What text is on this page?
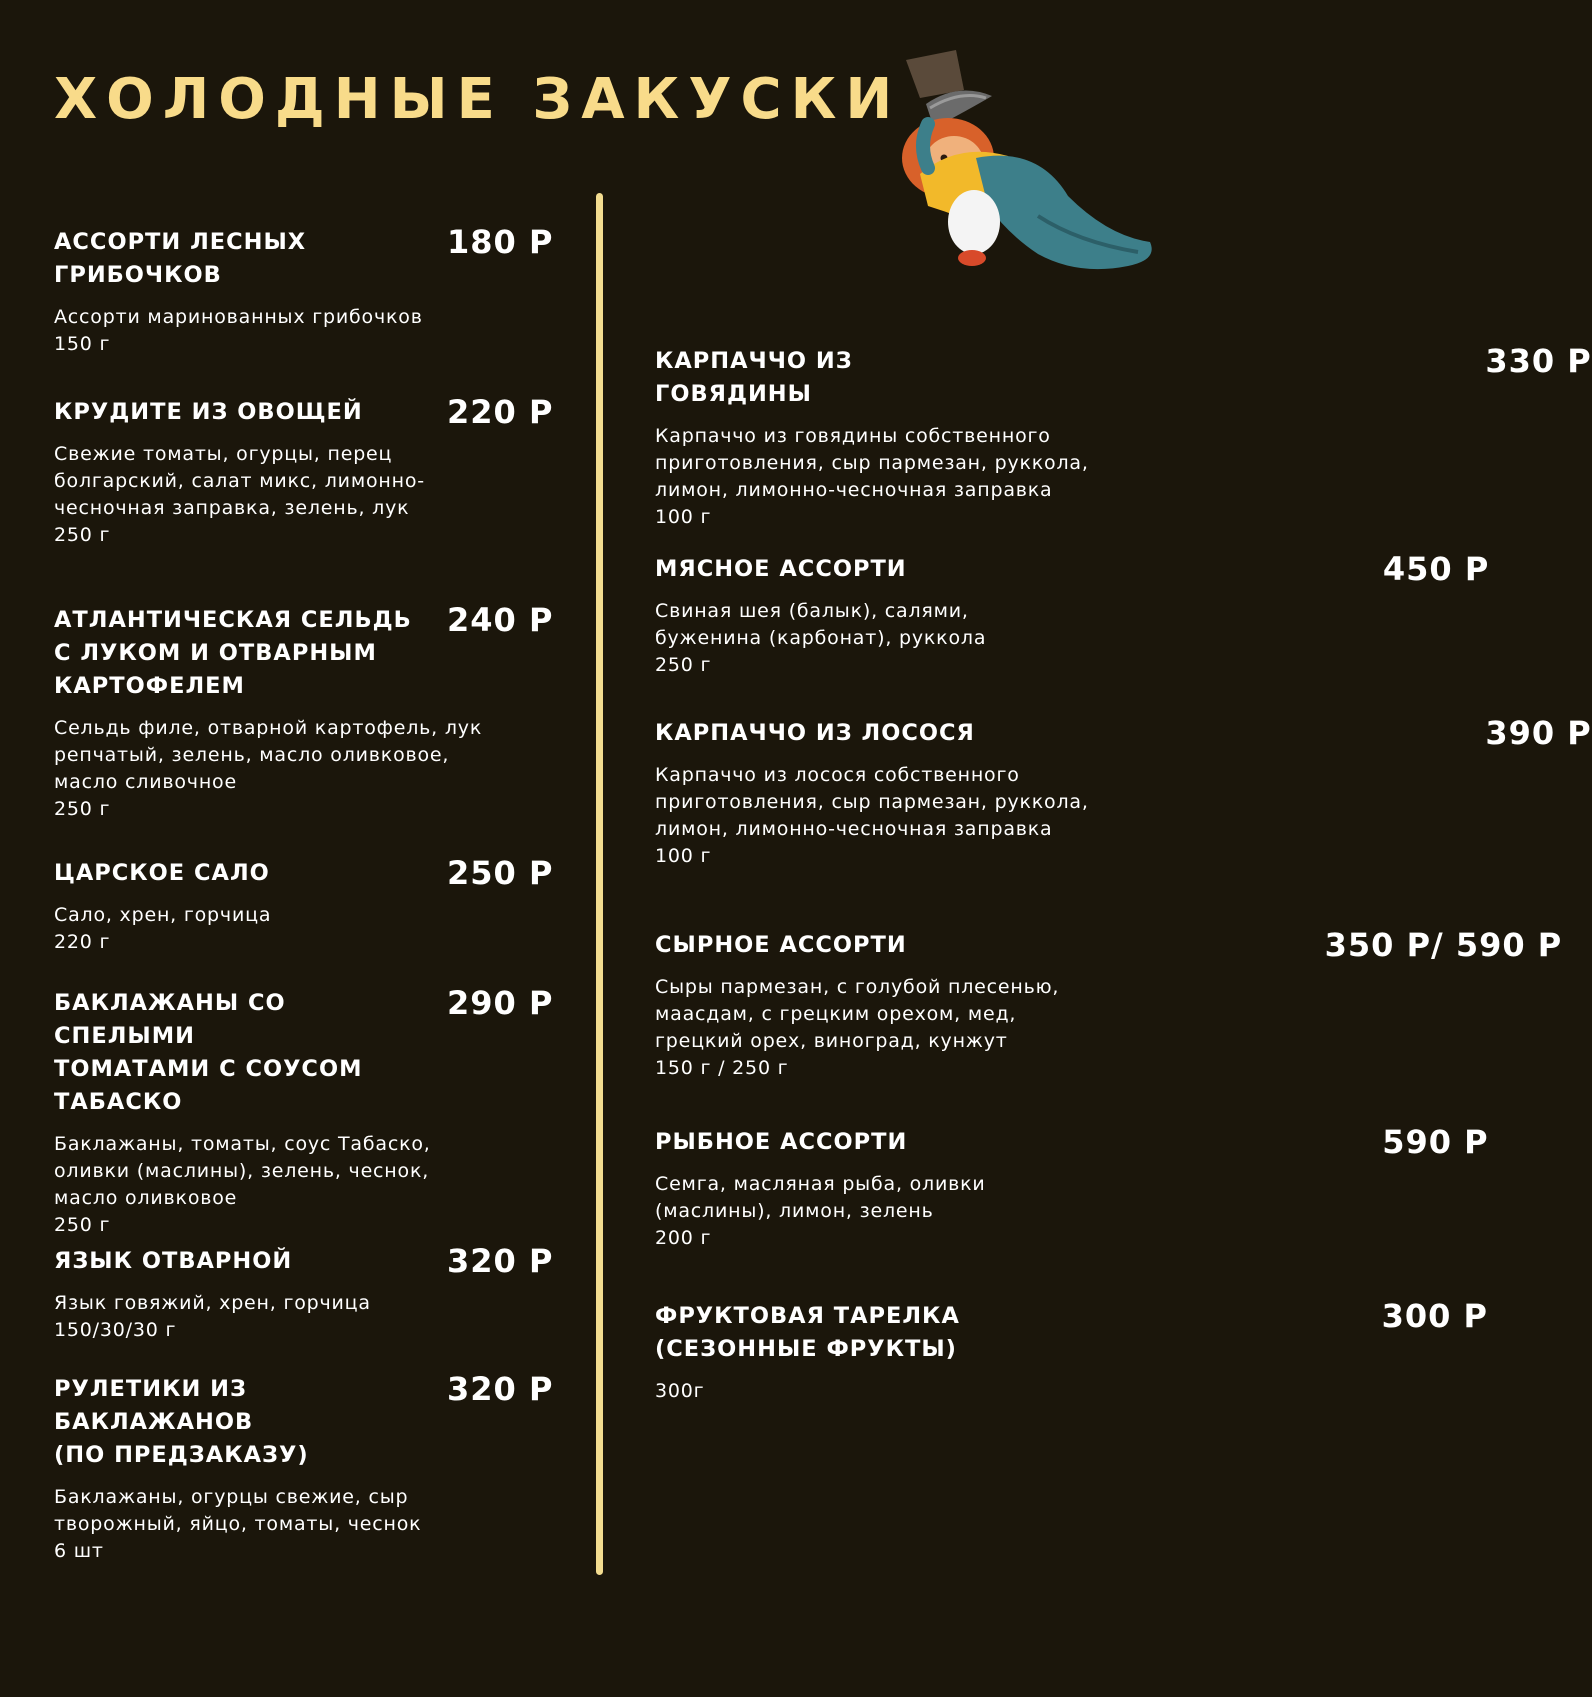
ХОЛОДНЫЕ ЗАКУСКИ
АССОРТИ ЛЕСНЫХ
ГРИБОЧКОВ
180 Р
Ассорти маринованных грибочков
150 г
КРУДИТЕ ИЗ ОВОЩЕЙ	220 Р
Свежие томаты, огурцы, перец
болгарский, салат микс, лимонно-
чесночная заправка, зелень, лук
250 г
АТЛАНТИЧЕСКАЯ СЕЛЬДЬ
С ЛУКОМ И ОТВАРНЫМ
КАРТОФЕЛЕМ
240 Р
Сельдь филе, отварной картофель, лук
репчатый, зелень, масло оливковое,
масло сливочное
250 г
ЦАРСКОЕ САЛО	250 Р
Сало, хрен, горчица
220 г
БАКЛАЖАНЫ СО СПЕЛЫМИ
ТОМАТАМИ С СОУСОМ
ТАБАСКО
290 Р
Баклажаны, томаты, соус Табаско,
оливки (маслины), зелень, чеснок,
масло оливковое
250 г
ЯЗЫК ОТВАРНОЙ	320 Р
Язык говяжий, хрен, горчица
150/30/30 г
РУЛЕТИКИ ИЗ
БАКЛАЖАНОВ
(ПО ПРЕДЗАКАЗУ)
320 Р
Баклажаны, огурцы свежие, сыр
творожный, яйцо, томаты, чеснок
6 шт
КАРПАЧЧО ИЗ ГОВЯДИНЫ
330 Р
Карпаччо из говядины собственного
приготовления, сыр пармезан, руккола,
лимон, лимонно-чесночная заправка
100 г
МЯСНОЕ АССОРТИ	450 Р
Свиная шея (балык), салями,
буженина (карбонат), руккола
250 г
КАРПАЧЧО ИЗ ЛОСОСЯ	390 Р
Карпаччо из лосося собственного
приготовления, сыр пармезан, руккола,
лимон, лимонно-чесночная заправка
100 г
СЫРНОЕ АССОРТИ	350 Р/ 590 Р
Сыры пармезан, с голубой плесенью,
маасдам, с грецким орехом, мед,
грецкий орех, виноград, кунжут
150 г / 250 г
РЫБНОЕ АССОРТИ	590 Р
Семга, масляная рыба, оливки
(маслины), лимон, зелень
200 г
ФРУКТОВАЯ ТАРЕЛКА
(СЕЗОННЫЕ ФРУКТЫ)
300 Р
300г
